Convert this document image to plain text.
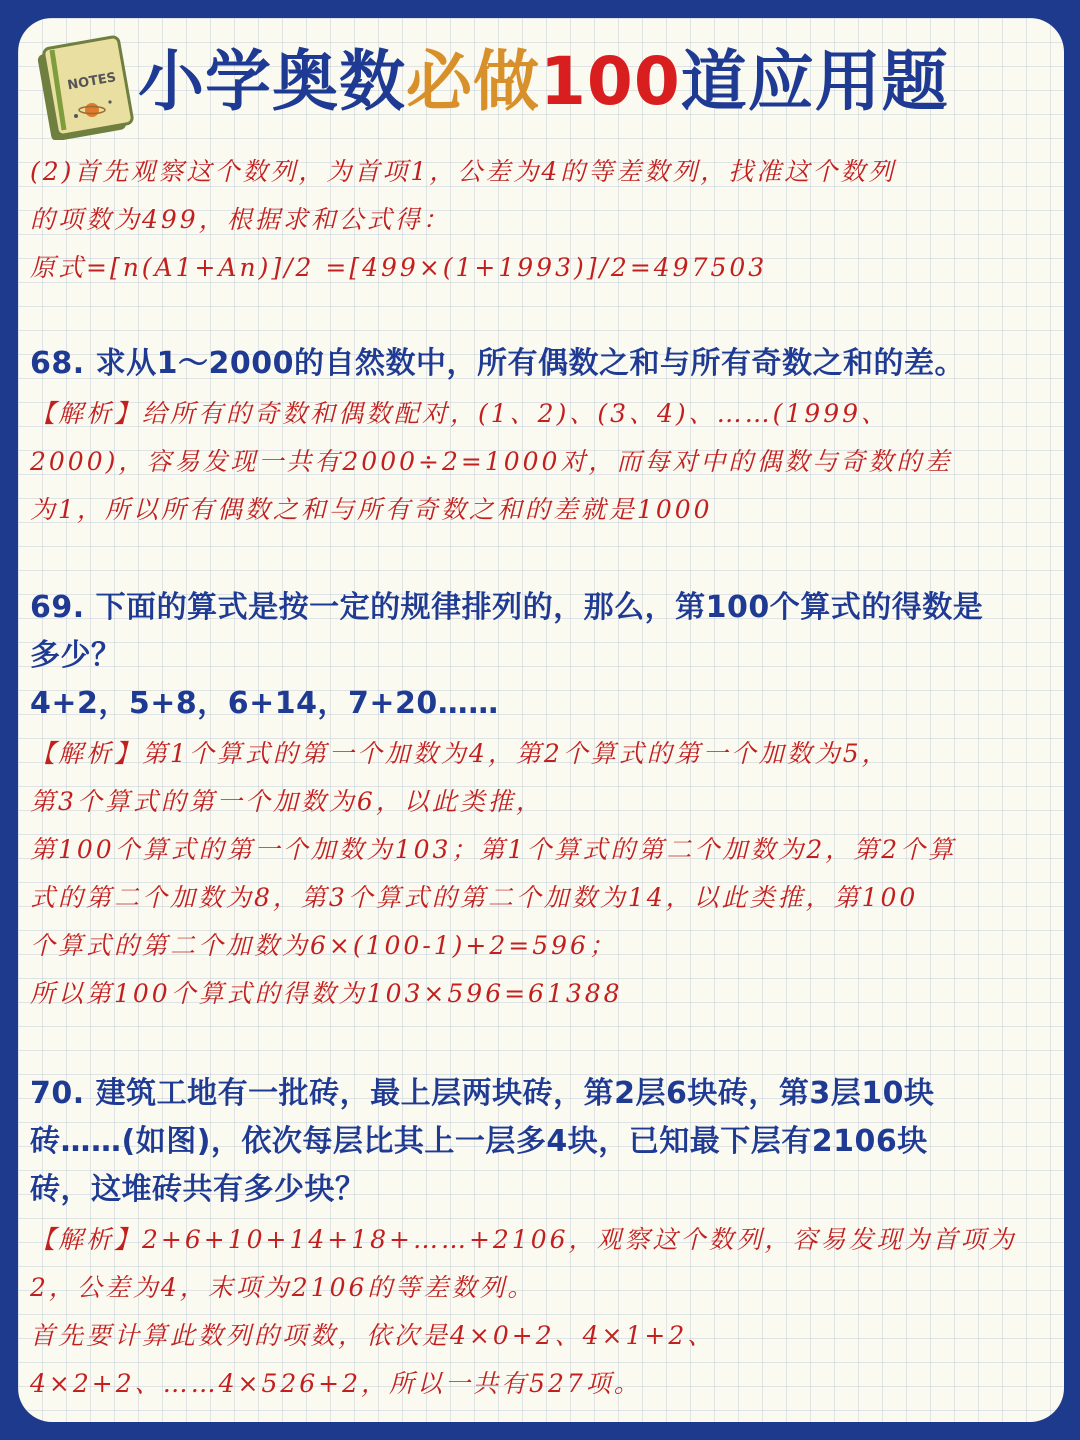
NOTES 小学奥数必做100道应用题
(2)首先观察这个数列，为首项1，公差为4的等差数列，找准这个数列
的项数为499，根据求和公式得：
原式=[n(A1+An)]/2 =[499×(1+1993)]/2=497503
68. 求从1～2000的自然数中，所有偶数之和与所有奇数之和的差。
【解析】给所有的奇数和偶数配对，(1、2)、(3、4)、……(1999、
2000)，容易发现一共有2000÷2=1000对，而每对中的偶数与奇数的差
为1，所以所有偶数之和与所有奇数之和的差就是1000
69. 下面的算式是按一定的规律排列的，那么，第100个算式的得数是
多少？
4+2，5+8，6+14，7+20……
【解析】第1个算式的第一个加数为4，第2个算式的第一个加数为5，
第3个算式的第一个加数为6，以此类推，
第100个算式的第一个加数为103；第1个算式的第二个加数为2，第2个算
式的第二个加数为8，第3个算式的第二个加数为14，以此类推，第100
个算式的第二个加数为6×(100-1)+2=596；
所以第100个算式的得数为103×596=61388
70. 建筑工地有一批砖，最上层两块砖，第2层6块砖，第3层10块
砖……(如图)，依次每层比其上一层多4块，已知最下层有2106块
砖，这堆砖共有多少块？
【解析】2+6+10+14+18+……+2106，观察这个数列，容易发现为首项为
2，公差为4，末项为2106的等差数列。
首先要计算此数列的项数，依次是4×0+2、4×1+2、
4×2+2、……4×526+2，所以一共有527项。
